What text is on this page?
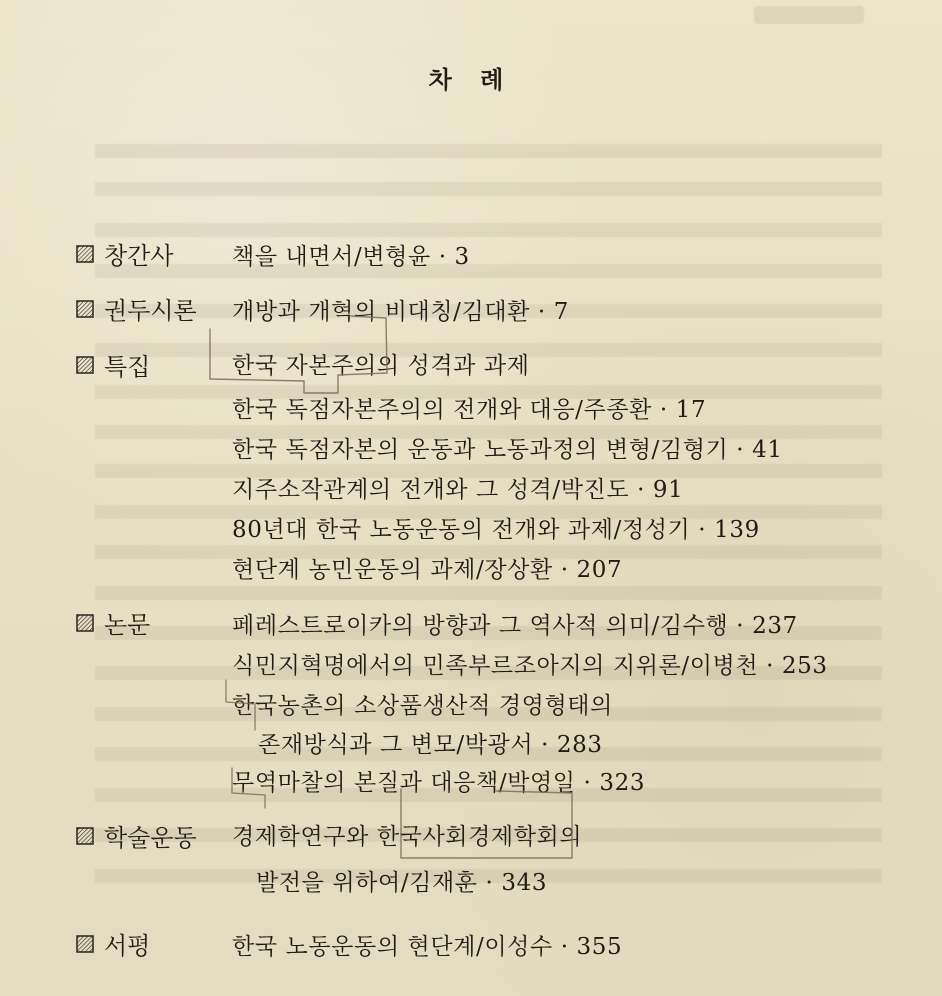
차 례
창간사	책을 내면서/변형윤 · 3
권두시론 개방과 개혁의 비대칭/김대환 · 7
특집	한국 자본주의의 성격과 과제
한국 독점자본주의의 전개와 대응/주종환 · 17
한국 독점자본의 운동과 노동과정의 변형/김형기 · 41
지주소작관계의 전개와 그 성격/박진도 · 91
80년대 한국 노동운동의 전개와 과제/정성기 · 139
현단계 농민운동의 과제/장상환 · 207
논문	페레스트로이카의 방향과 그 역사적 의미/김수행 · 237
식민지혁명에서의 민족부르조아지의 지위론/이병천 · 253
한국농촌의 소상품생산적 경영형태의
존재방식과 그 변모/박광서 · 283
무역마찰의 본질과 대응책/박영일 · 323
학술운동 경제학연구와 한국사회경제학회의
발전을 위하여/김재훈 · 343
서평	한국 노동운동의 현단계/이성수 · 355
